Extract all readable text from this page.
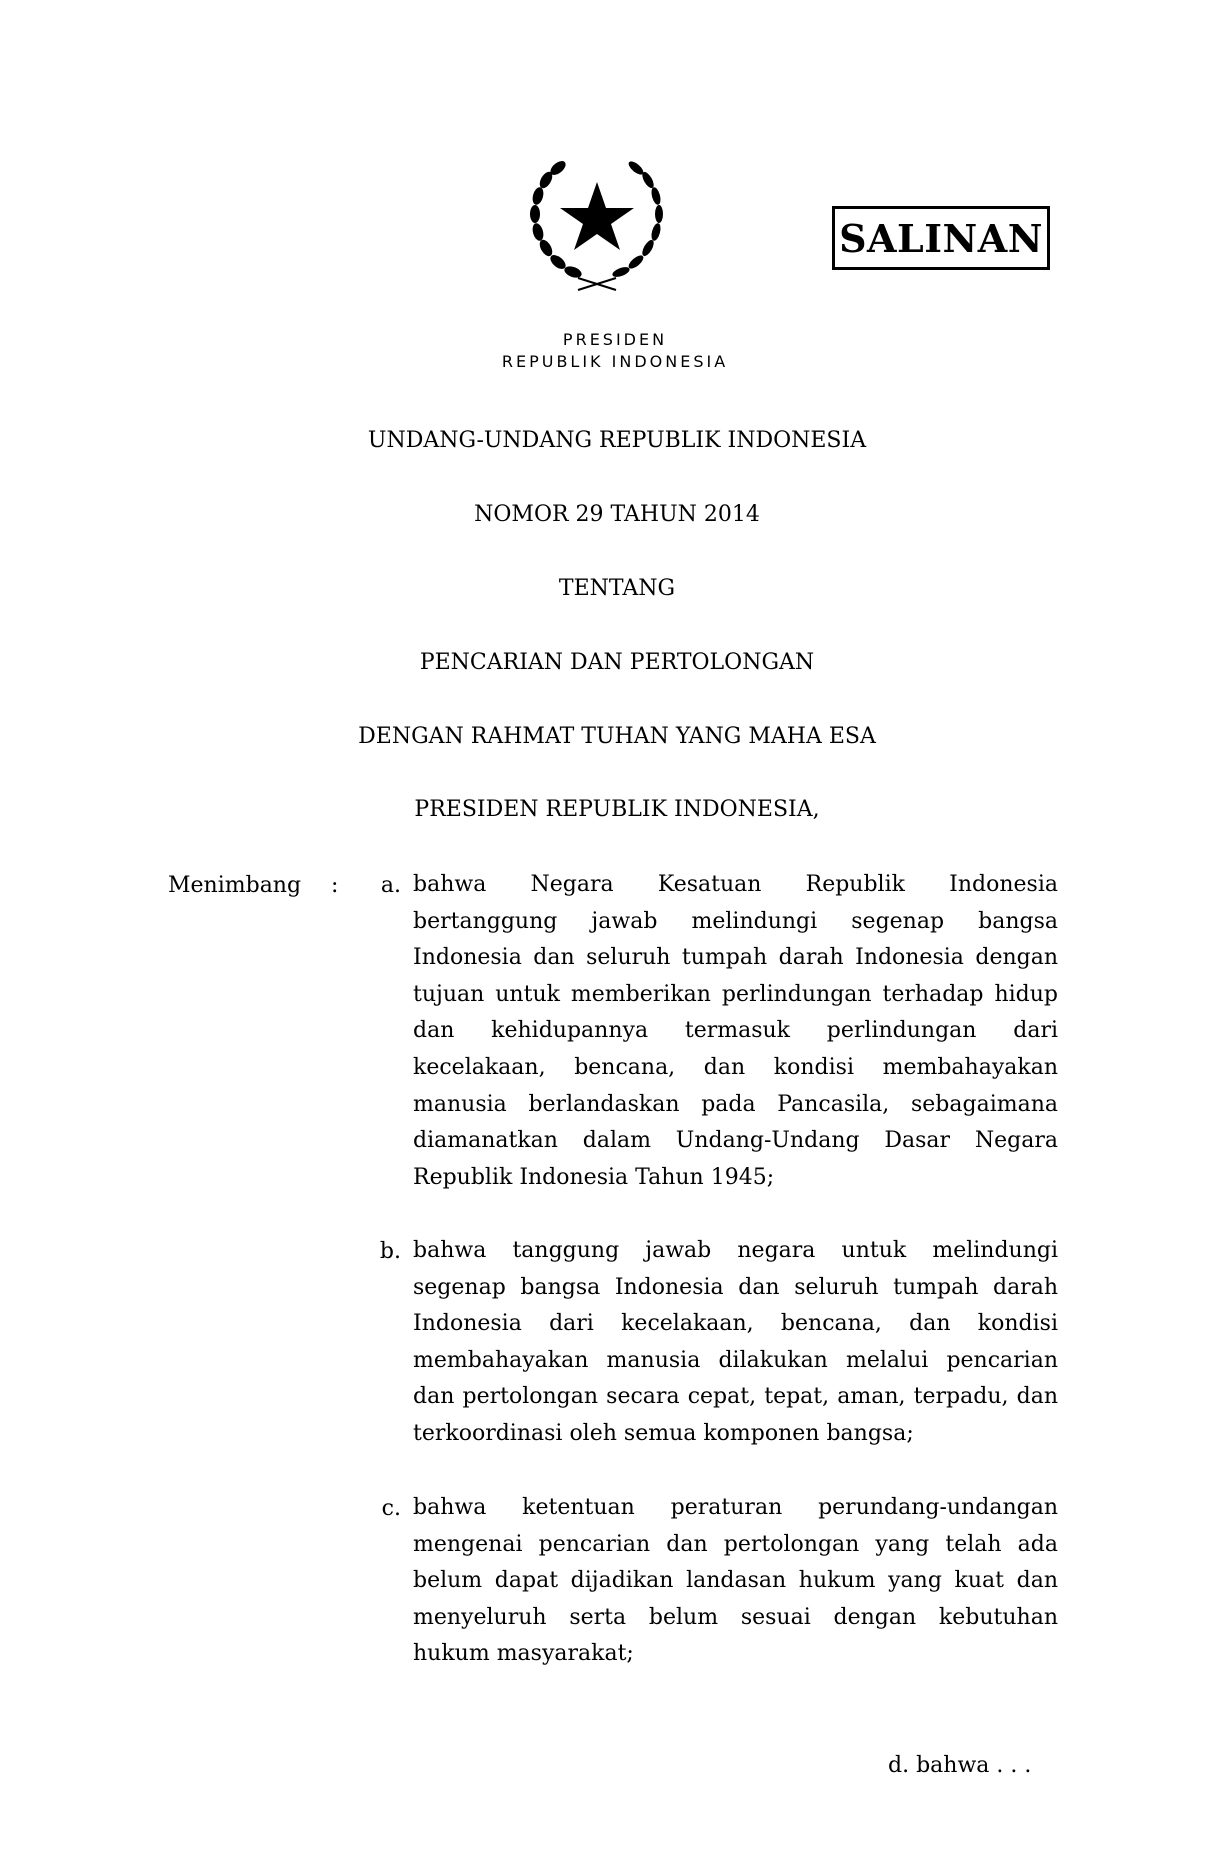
SALINAN
PRESIDEN
REPUBLIK INDONESIA
UNDANG-UNDANG REPUBLIK INDONESIA
NOMOR 29 TAHUN 2014
TENTANG
PENCARIAN DAN PERTOLONGAN
DENGAN RAHMAT TUHAN YANG MAHA ESA
PRESIDEN REPUBLIK INDONESIA,
Menimbang :	a. bahwa Negara Kesatuan Republik Indonesia bertanggung jawab melindungi segenap bangsa Indonesia dan seluruh tumpah darah Indonesia dengan tujuan untuk memberikan perlindungan terhadap hidup dan kehidupannya termasuk perlindungan dari kecelakaan, bencana, dan kondisi membahayakan manusia berlandaskan pada Pancasila, sebagaimana diamanatkan dalam Undang-Undang Dasar Negara Republik Indonesia Tahun 1945;
b. bahwa tanggung jawab negara untuk melindungi segenap bangsa Indonesia dan seluruh tumpah darah Indonesia dari kecelakaan, bencana, dan kondisi membahayakan manusia dilakukan melalui pencarian dan pertolongan secara cepat, tepat, aman, terpadu, dan terkoordinasi oleh semua komponen bangsa;
c. bahwa ketentuan peraturan perundang-undangan mengenai pencarian dan pertolongan yang telah ada belum dapat dijadikan landasan hukum yang kuat dan menyeluruh serta belum sesuai dengan kebutuhan hukum masyarakat;
d. bahwa . . .
